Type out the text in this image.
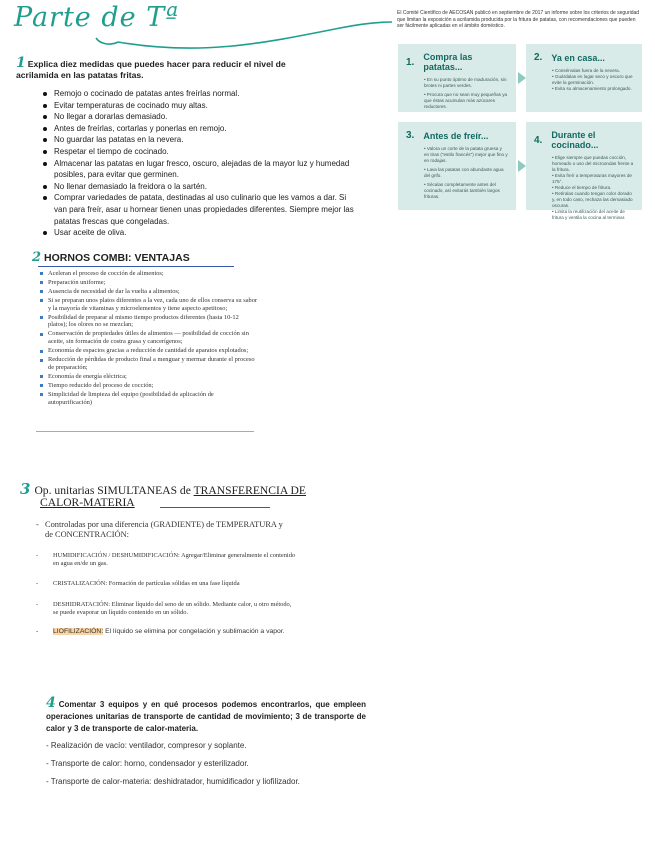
Parte de Tª	El Comité Científico de AECOSAN publicó en septiembre de 2017 un informe sobre los criterios de seguridad que limitan la exposición a acrilamida producida por la fritura de patatas, con recomendaciones que pueden ser fácilmente aplicadas en el ámbito doméstico.
1. Compra las patatas...
• En su punto óptimo de maduración, sin brotes ni partes verdes.
• Procura que no sean muy pequeñas ya que éstas acumulan más azúcares reductores.
2. Ya en casa...
• Consérvalas fuera de la nevera.
• Guárdalas en lugar seco y oscuro que evite la germinación.
• Evita su almacenamiento prolongado.
3. Antes de freír...
• Valora un corte de la patata gruesa y en tiras ("estilo francés") mejor que fino y en rodajas.
• Lava las patatas con abundante agua del grifo.
• Sécalas completamente antes del cocinado, así evitarás también largos frituras.
4. Durante el cocinado...
• Elige siempre que puedas cocción, horneado o uso del microondas frente a la fritura.
• Evita freír a temperaturas mayores de 175°.
• Reduce el tiempo de fritura.
• Retíralas cuando tengan color dorado y, en todo caso, rechaza las demasiado oscuras.
• Limita la reutilización del aceite de fritura y ventila la cocina al terminar.
1 Explica diez medidas que puedes hacer para reducir el nivel de acrilamida en las patatas fritas.
Remojo o cocinado de patatas antes freírlas normal.
Evitar temperaturas de cocinado muy altas.
No llegar a dorarlas demasiado.
Antes de freírlas, cortarlas y ponerlas en remojo.
No guardar las patatas en la nevera.
Respetar el tiempo de cocinado.
Almacenar las patatas en lugar fresco, oscuro, alejadas de la mayor luz y humedad posibles, para evitar que germinen.
No llenar demasiado la freidora o la sartén.
Comprar variedades de patata, destinadas al uso culinario que les vamos a dar. Si van para freír, asar u hornear tienen unas propiedades diferentes. Siempre mejor las patatas frescas que congeladas.
Usar aceite de oliva.
2 HORNOS COMBI: VENTAJAS
Aceleran el proceso de cocción de alimentos;
Preparación uniforme;
Ausencia de necesidad de dar la vuelta a alimentos;
Si se preparan unos platos diferentes a la vez, cada uno de ellos conserva su sabor y la mayoría de vitaminas y microelementos y tiene aspecto apetitoso;
Posibilidad de preparar al mismo tiempo productos diferentes (hasta 10-12 platos); los olores no se mezclan;
Conservación de propiedades útiles de alimentos — posibilidad de cocción sin aceite, sin formación de costra grasa y cancerígenos;
Economía de espacios gracias a reducción de cantidad de aparatos explotados;
Reducción de pérdidas de producto final a menguar y mermar durante el proceso de preparación;
Economía de energía eléctrica;
Tiempo reducido del proceso de cocción;
Simplicidad de limpieza del equipo (posibilidad de aplicación de autopurificación)
3 Op. unitarias SIMULTANEAS de TRANSFERENCIA DE
CALOR-MATERIA
- Controladas por una diferencia (GRADIENTE) de TEMPERATURA y de CONCENTRACIÓN:
- HUMIDIFICACIÓN / DESHUMIDIFICACIÓN: Agregar/Eliminar generalmente el contenido en agua en/de un gas.
- CRISTALIZACIÓN: Formación de partículas sólidas en una fase líquida
- DESHIDRATACIÓN: Eliminar líquido del seno de un sólido. Mediante calor, u otro método, se puede evaporar un líquido contenido en un sólido.
- LIOFILIZACIÓN: El líquido se elimina por congelación y sublimación a vapor.
4 Comentar 3 equipos y en qué procesos podemos encontrarlos, que empleen operaciones unitarias de transporte de cantidad de movimiento; 3 de transporte de calor y 3 de transporte de calor-materia.
- Realización de vacío: ventilador, compresor y soplante.
- Transporte de calor: horno, condensador y esterilizador.
- Transporte de calor-materia: deshidratador, humidificador y liofilizador.
